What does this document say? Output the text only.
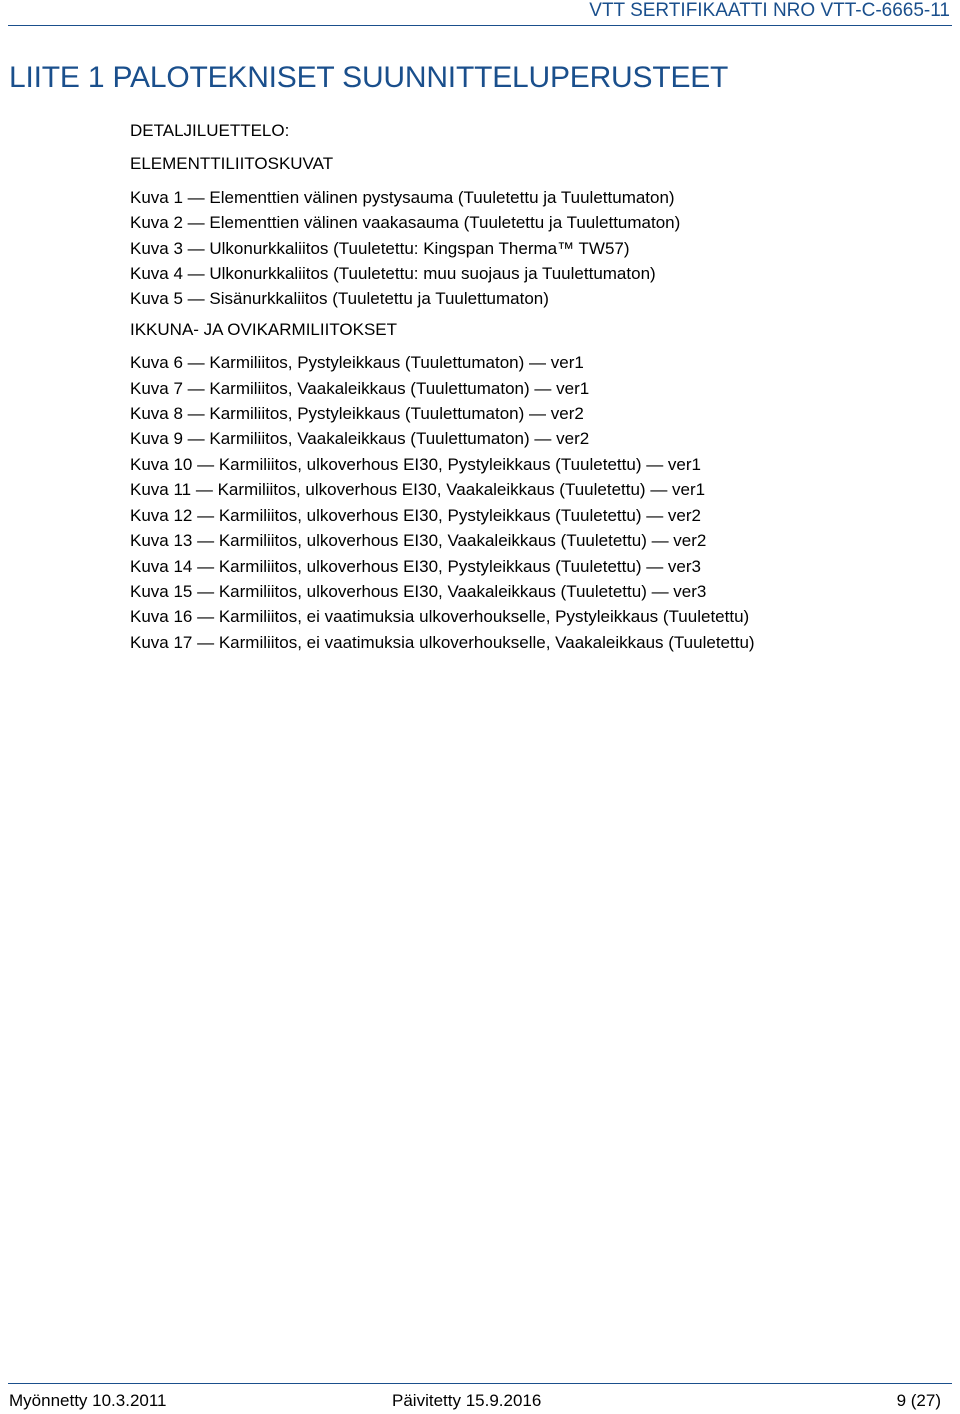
VTT SERTIFIKAATTI NRO VTT-C-6665-11
LIITE 1 PALOTEKNISET SUUNNITTELUPERUSTEET

DETALJILUETTELO:

ELEMENTTILIITOSKUVAT

Kuva 1 — Elementtien välinen pystysauma (Tuuletettu ja Tuulettumaton)
Kuva 2 — Elementtien välinen vaakasauma (Tuuletettu ja Tuulettumaton)
Kuva 3 — Ulkonurkkaliitos (Tuuletettu: Kingspan Therma™ TW57)
Kuva 4 — Ulkonurkkaliitos (Tuuletettu: muu suojaus ja Tuulettumaton)
Kuva 5 — Sisänurkkaliitos (Tuuletettu ja Tuulettumaton)

IKKUNA- JA OVIKARMILIITOKSET

Kuva 6 — Karmiliitos, Pystyleikkaus (Tuulettumaton) — ver1
Kuva 7 — Karmiliitos, Vaakaleikkaus (Tuulettumaton) — ver1
Kuva 8 — Karmiliitos, Pystyleikkaus (Tuulettumaton) — ver2
Kuva 9 — Karmiliitos, Vaakaleikkaus (Tuulettumaton) — ver2
Kuva 10 — Karmiliitos, ulkoverhous EI30, Pystyleikkaus (Tuuletettu) — ver1
Kuva 11 — Karmiliitos, ulkoverhous EI30, Vaakaleikkaus (Tuuletettu) — ver1
Kuva 12 — Karmiliitos, ulkoverhous EI30, Pystyleikkaus (Tuuletettu) — ver2
Kuva 13 — Karmiliitos, ulkoverhous EI30, Vaakaleikkaus (Tuuletettu) — ver2
Kuva 14 — Karmiliitos, ulkoverhous EI30, Pystyleikkaus (Tuuletettu) — ver3
Kuva 15 — Karmiliitos, ulkoverhous EI30, Vaakaleikkaus (Tuuletettu) — ver3
Kuva 16 — Karmiliitos, ei vaatimuksia ulkoverhoukselle, Pystyleikkaus (Tuuletettu)
Kuva 17 — Karmiliitos, ei vaatimuksia ulkoverhoukselle, Vaakaleikkaus (Tuuletettu)
Myönnetty 10.3.2011	Päivitetty 15.9.2016	9 (27)
